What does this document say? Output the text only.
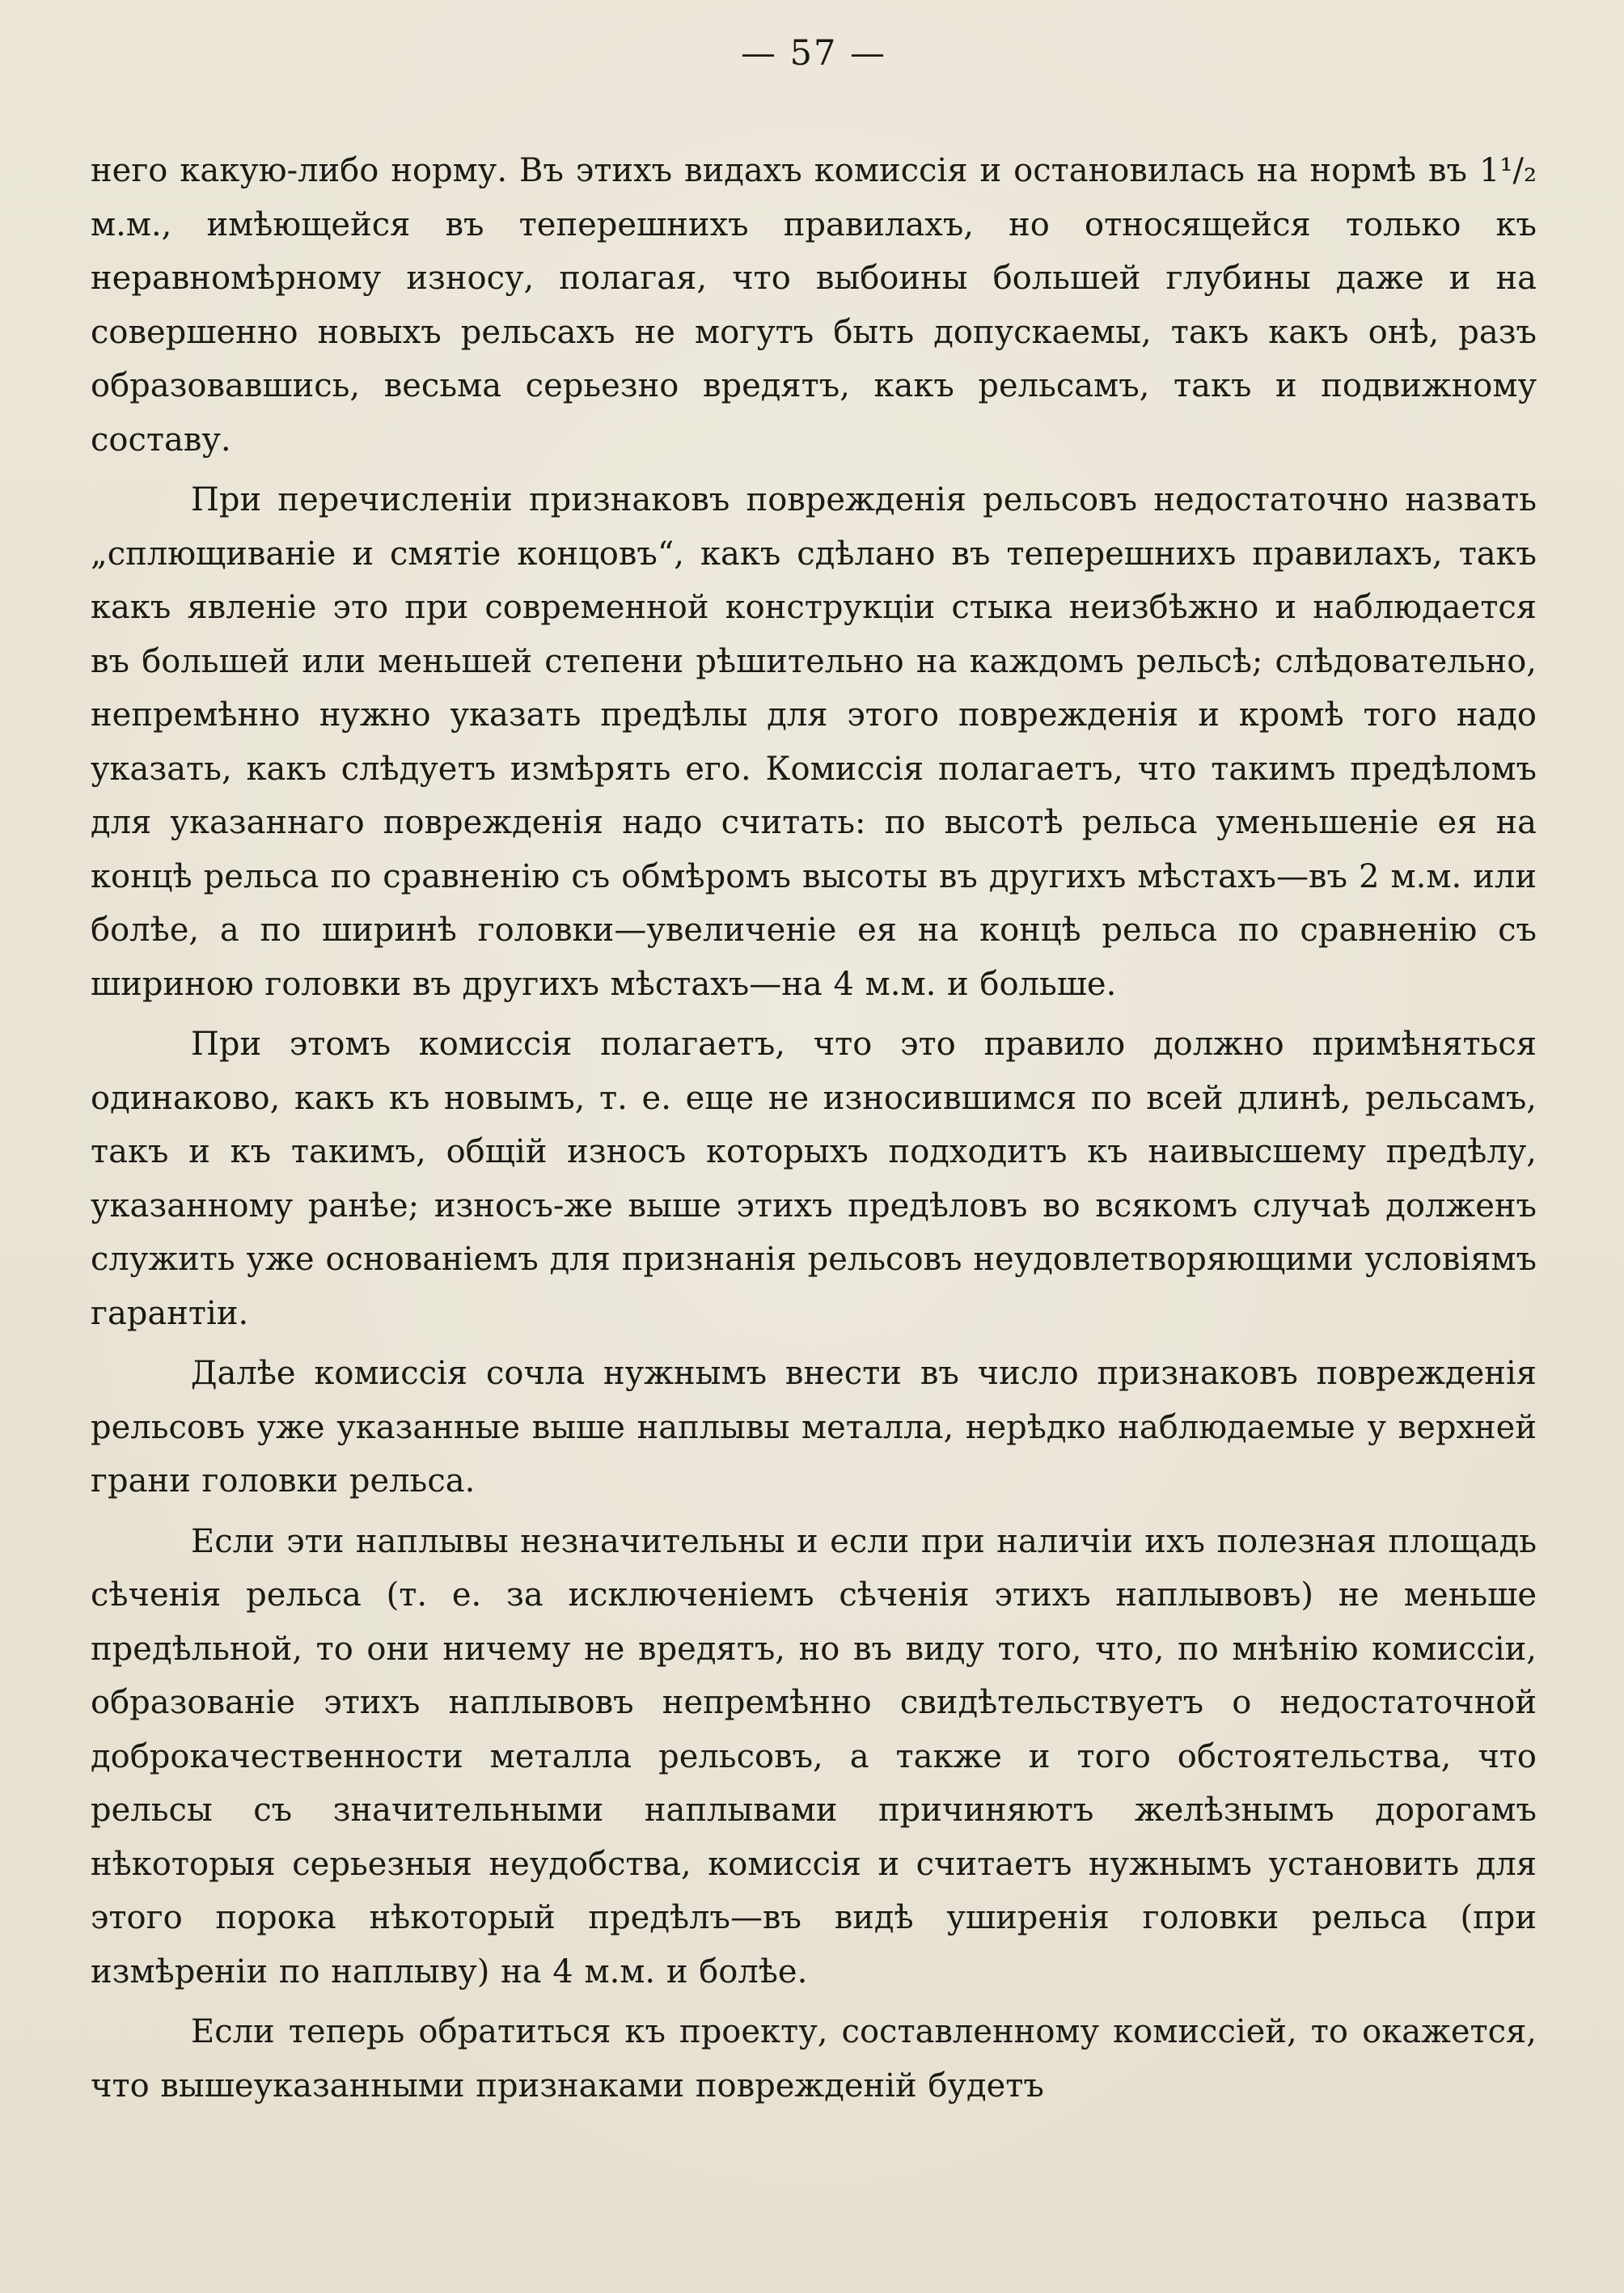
— 57 —

него какую-либо норму. Въ этихъ видахъ комиссія и остановилась на нормѣ въ 1¹/₂ м.м., имѣющейся въ теперешнихъ правилахъ, но относящейся только къ неравномѣрному износу, полагая, что выбоины большей глубины даже и на совершенно новыхъ рельсахъ не могутъ быть допускаемы, такъ какъ онѣ, разъ образовавшись, весьма серьезно вредятъ, какъ рельсамъ, такъ и подвижному составу.

При перечисленіи признаковъ поврежденія рельсовъ недостаточно назвать „сплющиваніе и смятіе концовъ“, какъ сдѣлано въ теперешнихъ правилахъ, такъ какъ явленіе это при современной конструкціи стыка неизбѣжно и наблюдается въ большей или меньшей степени рѣшительно на каждомъ рельсѣ; слѣдовательно, непремѣнно нужно указать предѣлы для этого поврежденія и кромѣ того надо указать, какъ слѣдуетъ измѣрять его. Комиссія полагаетъ, что такимъ предѣломъ для указаннаго поврежденія надо считать: по высотѣ рельса уменьшеніе ея на концѣ рельса по сравненію съ обмѣромъ высоты въ другихъ мѣстахъ—въ 2 м.м. или болѣе, а по ширинѣ головки—увеличеніе ея на концѣ рельса по сравненію съ шириною головки въ другихъ мѣстахъ—на 4 м.м. и больше.

При этомъ комиссія полагаетъ, что это правило должно примѣняться одинаково, какъ къ новымъ, т. е. еще не износившимся по всей длинѣ, рельсамъ, такъ и къ такимъ, общій износъ которыхъ подходитъ къ наивысшему предѣлу, указанному ранѣе; износъ-же выше этихъ предѣловъ во всякомъ случаѣ долженъ служить уже основаніемъ для признанія рельсовъ неудовлетворяющими условіямъ гарантіи.

Далѣе комиссія сочла нужнымъ внести въ число признаковъ поврежденія рельсовъ уже указанные выше наплывы металла, нерѣдко наблюдаемые у верхней грани головки рельса.

Если эти наплывы незначительны и если при наличіи ихъ полезная площадь сѣченія рельса (т. е. за исключеніемъ сѣченія этихъ наплывовъ) не меньше предѣльной, то они ничему не вредятъ, но въ виду того, что, по мнѣнію комиссіи, образованіе этихъ наплывовъ непремѣнно свидѣтельствуетъ о недостаточной доброкачественности металла рельсовъ, а также и того обстоятельства, что рельсы съ значительными наплывами причиняютъ желѣзнымъ дорогамъ нѣкоторыя серьезныя неудобства, комиссія и считаетъ нужнымъ установить для этого порока нѣкоторый предѣлъ—въ видѣ уширенія головки рельса (при измѣреніи по наплыву) на 4 м.м. и болѣе.

Если теперь обратиться къ проекту, составленному комиссіей, то окажется, что вышеуказанными признаками поврежденій будетъ
